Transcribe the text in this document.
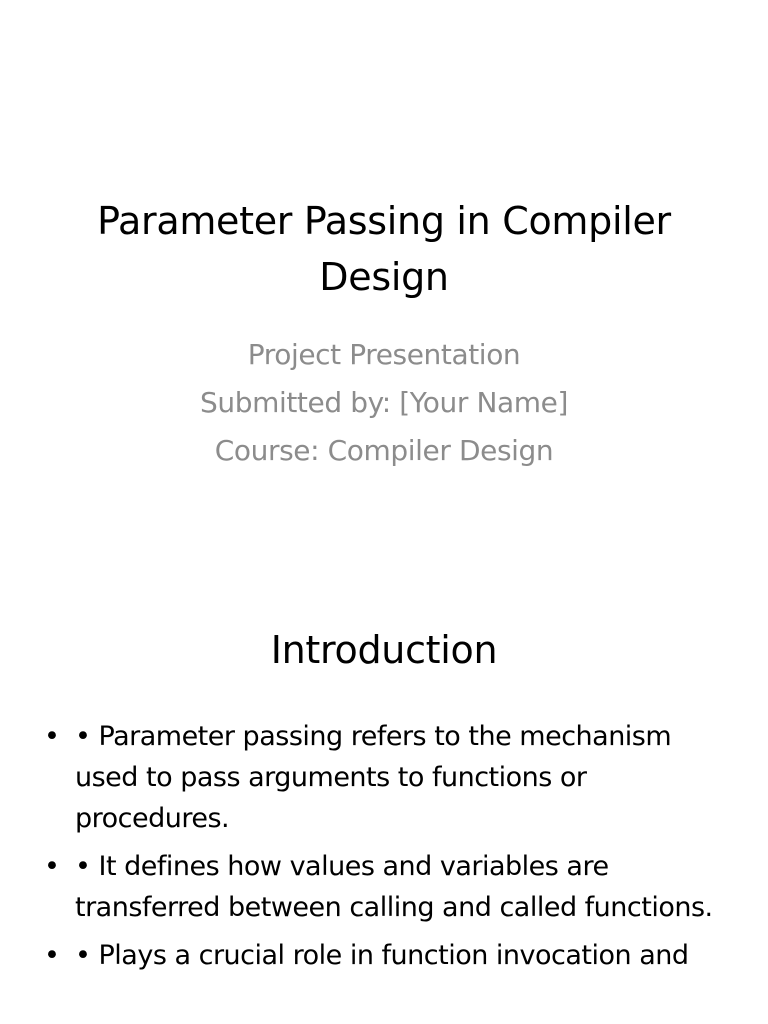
Parameter Passing in Compiler Design
Project Presentation
Submitted by: [Your Name]
Course: Compiler Design
Introduction
• • Parameter passing refers to the mechanism used to pass arguments to functions or procedures.
• • It defines how values and variables are transferred between calling and called functions.
• • Plays a crucial role in function invocation and
